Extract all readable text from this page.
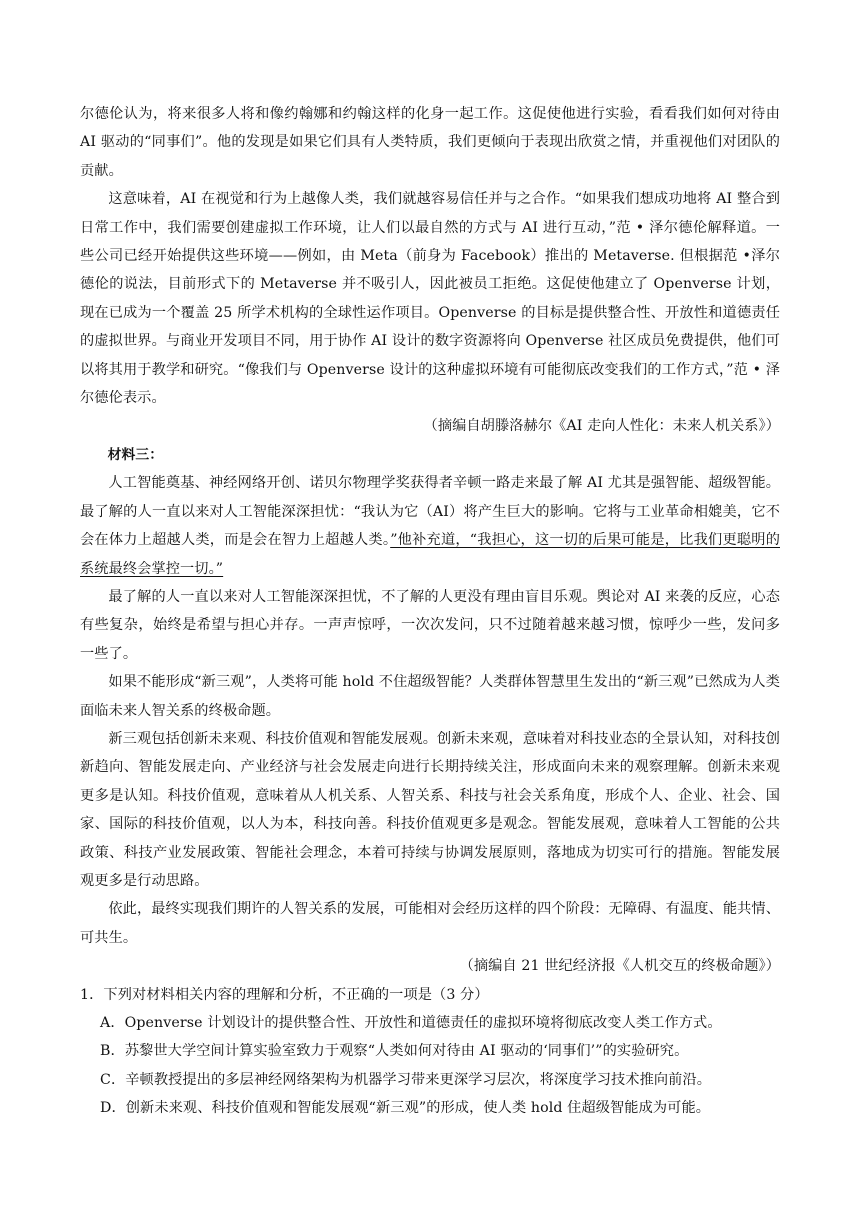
尔德伦认为，将来很多人将和像约翰娜和约翰这样的化身一起工作。这促使他进行实验，看看我们如何对待由 AI 驱动的“同事们”。他的发现是如果它们具有人类特质，我们更倾向于表现出欣赏之情，并重视他们对团队的贡献。

这意味着，AI 在视觉和行为上越像人类，我们就越容易信任并与之合作。“如果我们想成功地将 AI 整合到日常工作中，我们需要创建虚拟工作环境，让人们以最自然的方式与 AI 进行互动，”范 • 泽尔德伦解释道。一些公司已经开始提供这些环境——例如，由 Meta（前身为 Facebook）推出的 Metaverse. 但根据范 •泽尔德伦的说法，目前形式下的 Metaverse 并不吸引人，因此被员工拒绝。这促使他建立了 Openverse 计划，现在已成为一个覆盖 25 所学术机构的全球性运作项目。Openverse 的目标是提供整合性、开放性和道德责任的虚拟世界。与商业开发项目不同，用于协作 AI 设计的数字资源将向 Openverse 社区成员免费提供，他们可以将其用于教学和研究。“像我们与 Openverse 设计的这种虚拟环境有可能彻底改变我们的工作方式，”范 • 泽尔德伦表示。

（摘编自胡滕洛赫尔《AI 走向人性化：未来人机关系》）

材料三：

人工智能奠基、神经网络开创、诺贝尔物理学奖获得者辛顿一路走来最了解 AI 尤其是强智能、超级智能。最了解的人一直以来对人工智能深深担忧：“我认为它（AI）将产生巨大的影响。它将与工业革命相媲美，它不会在体力上超越人类，而是会在智力上超越人类。”他补充道，“我担心，这一切的后果可能是，比我们更聪明的系统最终会掌控一切。”

最了解的人一直以来对人工智能深深担忧，不了解的人更没有理由盲目乐观。舆论对 AI 来袭的反应，心态有些复杂，始终是希望与担心并存。一声声惊呼，一次次发问，只不过随着越来越习惯，惊呼少一些，发问多一些了。

如果不能形成“新三观”，人类将可能 hold 不住超级智能？人类群体智慧里生发出的“新三观”已然成为人类面临未来人智关系的终极命题。

新三观包括创新未来观、科技价值观和智能发展观。创新未来观，意味着对科技业态的全景认知，对科技创新趋向、智能发展走向、产业经济与社会发展走向进行长期持续关注，形成面向未来的观察理解。创新未来观更多是认知。科技价值观，意味着从人机关系、人智关系、科技与社会关系角度，形成个人、企业、社会、国家、国际的科技价值观，以人为本，科技向善。科技价值观更多是观念。智能发展观，意味着人工智能的公共政策、科技产业发展政策、智能社会理念，本着可持续与协调发展原则，落地成为切实可行的措施。智能发展观更多是行动思路。

依此，最终实现我们期许的人智关系的发展，可能相对会经历这样的四个阶段：无障碍、有温度、能共情、可共生。

（摘编自 21 世纪经济报《人机交互的终极命题》）

1．下列对材料相关内容的理解和分析，不正确的一项是（3 分）

A．Openverse 计划设计的提供整合性、开放性和道德责任的虚拟环境将彻底改变人类工作方式。

B．苏黎世大学空间计算实验室致力于观察“人类如何对待由 AI 驱动的‘同事们’”的实验研究。

C．辛顿教授提出的多层神经网络架构为机器学习带来更深学习层次，将深度学习技术推向前沿。

D．创新未来观、科技价值观和智能发展观“新三观”的形成，使人类 hold 住超级智能成为可能。
